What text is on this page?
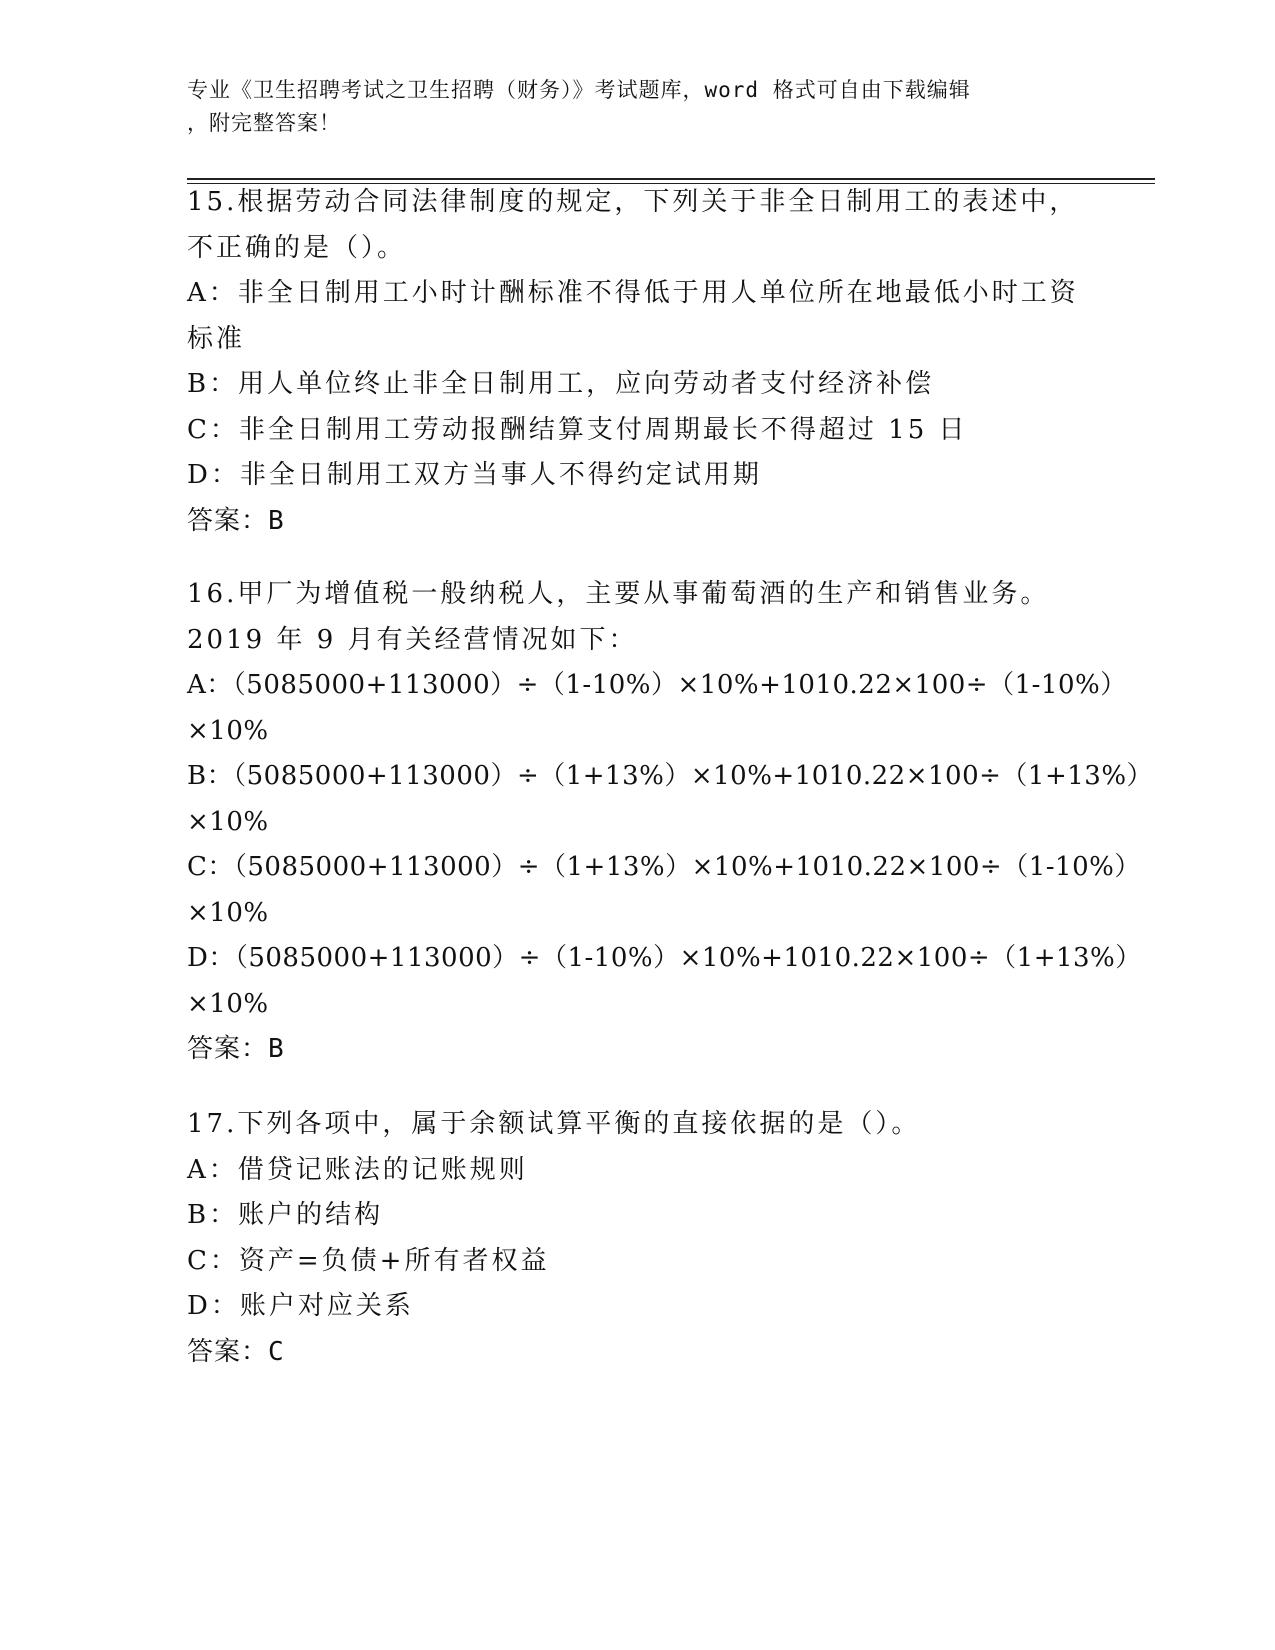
专业《卫生招聘考试之卫生招聘（财务）》考试题库，word 格式可自由下载编辑
，附完整答案！
15.根据劳动合同法律制度的规定，下列关于非全日制用工的表述中，
不正确的是（）。
A：非全日制用工小时计酬标准不得低于用人单位所在地最低小时工资
标准
B：用人单位终止非全日制用工，应向劳动者支付经济补偿
C：非全日制用工劳动报酬结算支付周期最长不得超过 15 日
D：非全日制用工双方当事人不得约定试用期
答案：B
16.甲厂为增值税一般纳税人，主要从事葡萄酒的生产和销售业务。
2019 年 9 月有关经营情况如下：
A：（5085000+113000）÷（1-10%）×10%+1010.22×100÷（1-10%）
×10%
B：（5085000+113000）÷（1+13%）×10%+1010.22×100÷（1+13%）
×10%
C：（5085000+113000）÷（1+13%）×10%+1010.22×100÷（1-10%）
×10%
D：（5085000+113000）÷（1-10%）×10%+1010.22×100÷（1+13%）
×10%
答案：B
17.下列各项中，属于余额试算平衡的直接依据的是（）。
A：借贷记账法的记账规则
B：账户的结构
C：资产=负债+所有者权益
D：账户对应关系
答案：C
